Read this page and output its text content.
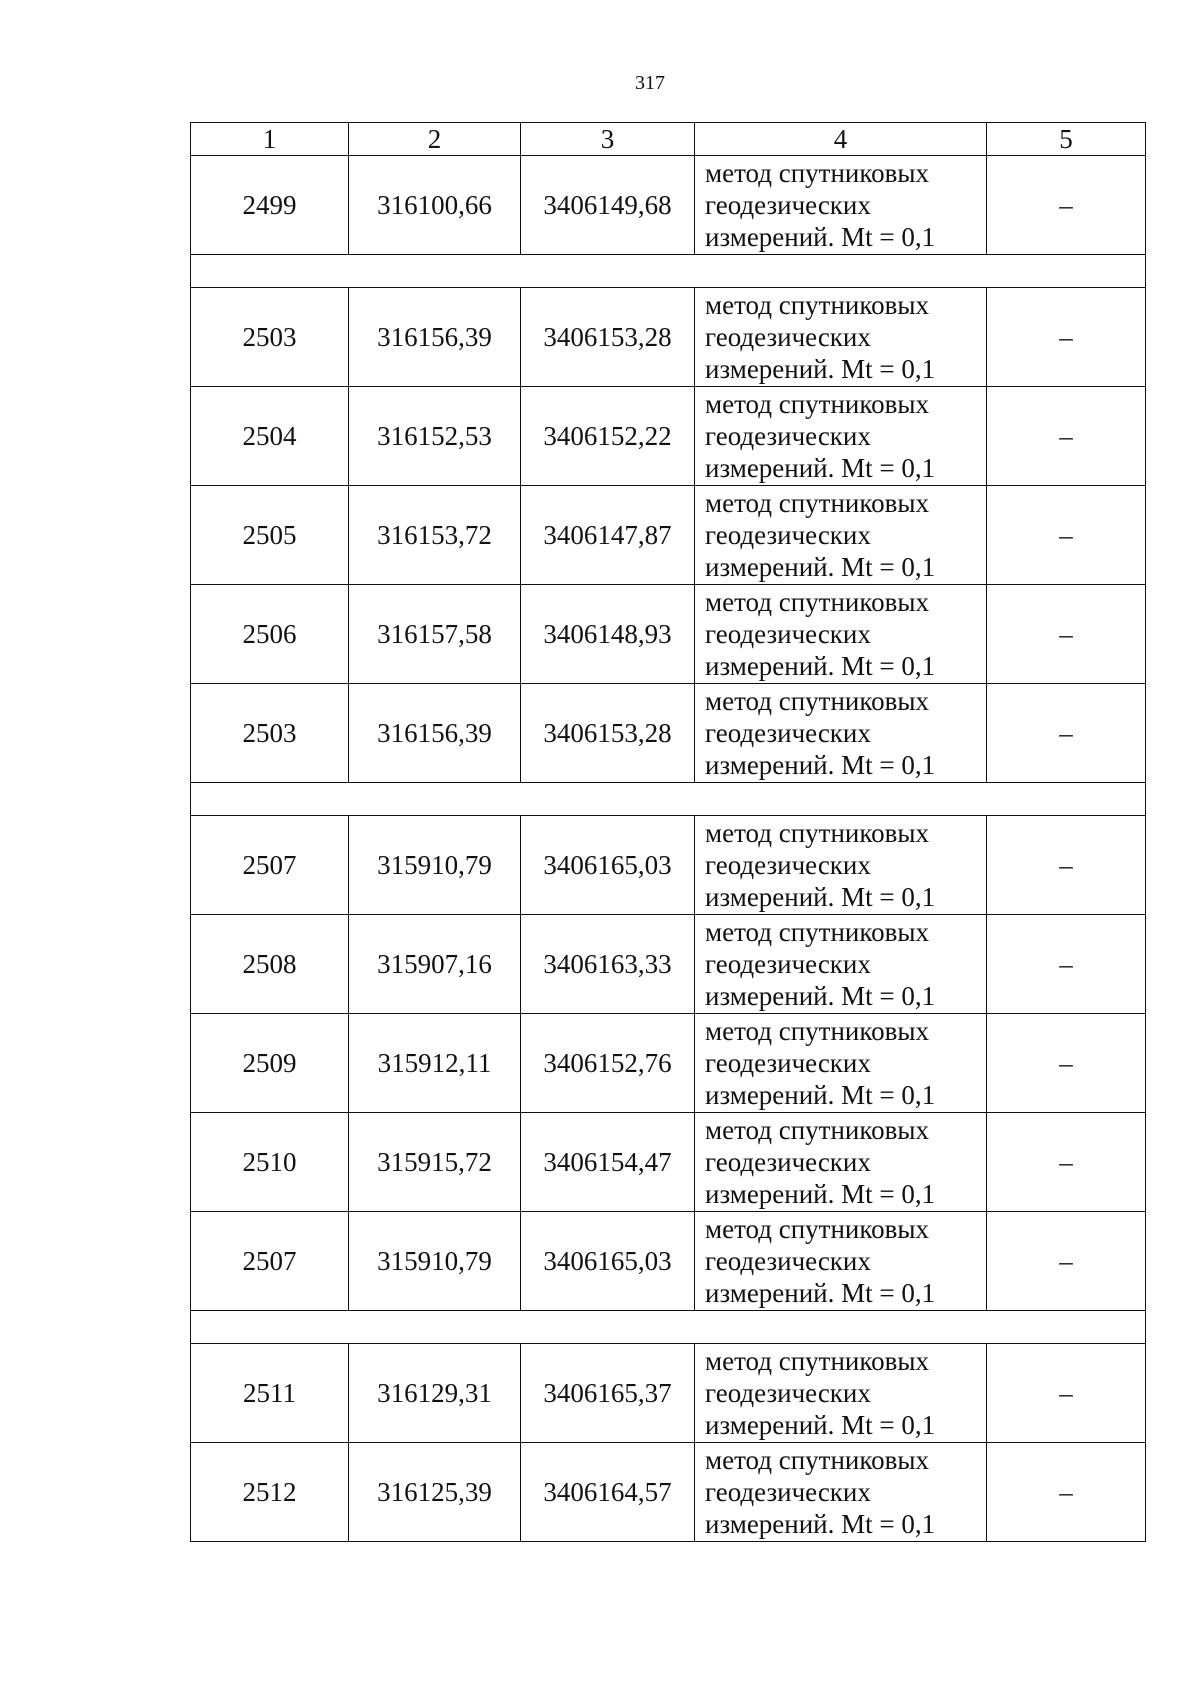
317
1	2	3	4	5
2499	316100,66	3406149,68	метод спутниковых геодезических измерений. Mt = 0,1	–

2503	316156,39	3406153,28	метод спутниковых геодезических измерений. Mt = 0,1	–
2504	316152,53	3406152,22	метод спутниковых геодезических измерений. Mt = 0,1	–
2505	316153,72	3406147,87	метод спутниковых геодезических измерений. Mt = 0,1	–
2506	316157,58	3406148,93	метод спутниковых геодезических измерений. Mt = 0,1	–
2503	316156,39	3406153,28	метод спутниковых геодезических измерений. Mt = 0,1	–

2507	315910,79	3406165,03	метод спутниковых геодезических измерений. Mt = 0,1	–
2508	315907,16	3406163,33	метод спутниковых геодезических измерений. Mt = 0,1	–
2509	315912,11	3406152,76	метод спутниковых геодезических измерений. Mt = 0,1	–
2510	315915,72	3406154,47	метод спутниковых геодезических измерений. Mt = 0,1	–
2507	315910,79	3406165,03	метод спутниковых геодезических измерений. Mt = 0,1	–

2511	316129,31	3406165,37	метод спутниковых геодезических измерений. Mt = 0,1	–
2512	316125,39	3406164,57	метод спутниковых геодезических измерений. Mt = 0,1	–
